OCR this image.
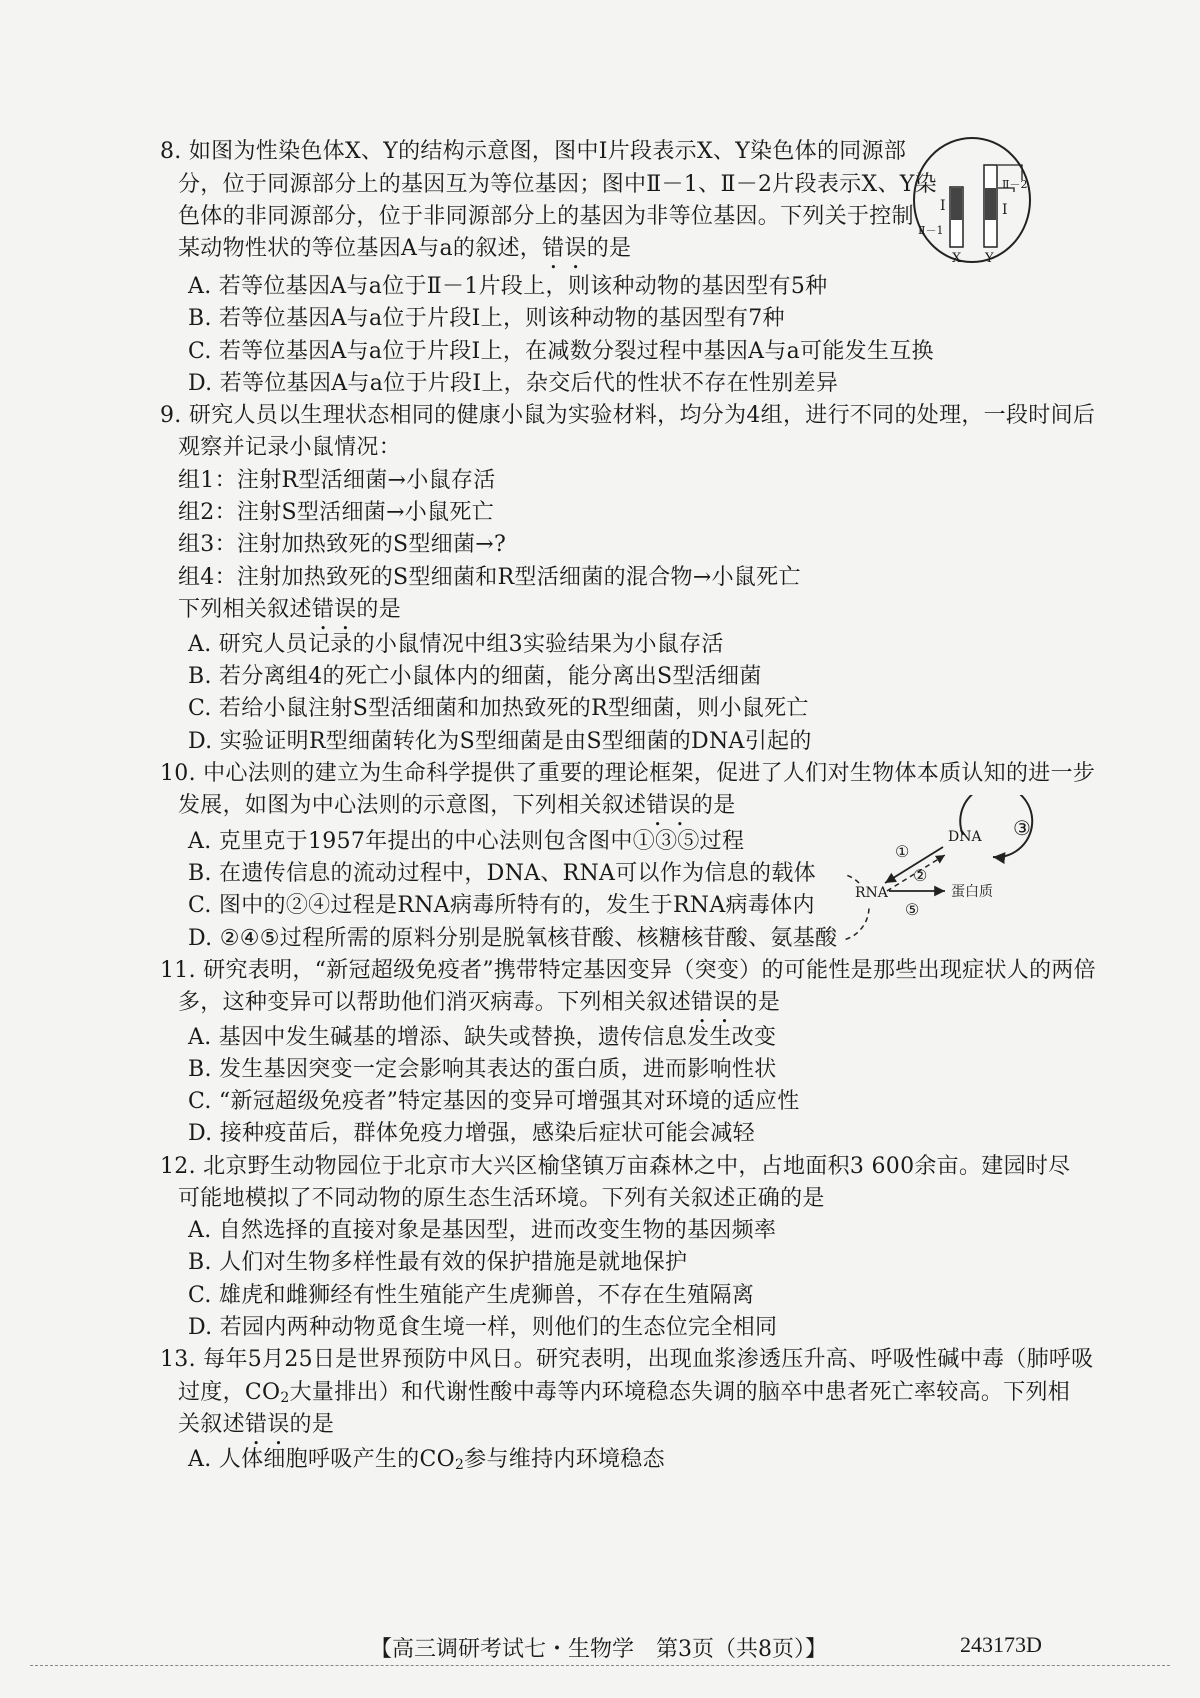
8. 如图为性染色体X、Y的结构示意图，图中Ⅰ片段表示X、Y染色体的同源部
分，位于同源部分上的基因互为等位基因；图中Ⅱ－1、Ⅱ－2片段表示X、Y染
色体的非同源部分，位于非同源部分上的基因为非等位基因。下列关于控制
某动物性状的等位基因A与a的叙述，错误的是
A. 若等位基因A与a位于Ⅱ－1片段上，则该种动物的基因型有5种
B. 若等位基因A与a位于片段Ⅰ上，则该种动物的基因型有7种
C. 若等位基因A与a位于片段Ⅰ上，在减数分裂过程中基因A与a可能发生互换
D. 若等位基因A与a位于片段Ⅰ上，杂交后代的性状不存在性别差异
Ⅰ	Ⅰ
Ⅱ－2
Ⅱ－1
X Y
9. 研究人员以生理状态相同的健康小鼠为实验材料，均分为4组，进行不同的处理，一段时间后
观察并记录小鼠情况：
组1：注射R型活细菌→小鼠存活
组2：注射S型活细菌→小鼠死亡
组3：注射加热致死的S型细菌→?
组4：注射加热致死的S型细菌和R型活细菌的混合物→小鼠死亡
下列相关叙述错误的是
A. 研究人员记录的小鼠情况中组3实验结果为小鼠存活
B. 若分离组4的死亡小鼠体内的细菌，能分离出S型活细菌
C. 若给小鼠注射S型活细菌和加热致死的R型细菌，则小鼠死亡
D. 实验证明R型细菌转化为S型细菌是由S型细菌的DNA引起的
10. 中心法则的建立为生命科学提供了重要的理论框架，促进了人们对生物体本质认知的进一步
发展，如图为中心法则的示意图，下列相关叙述错误的是
A. 克里克于1957年提出的中心法则包含图中①③⑤过程
B. 在遗传信息的流动过程中，DNA、RNA可以作为信息的载体
C. 图中的②④过程是RNA病毒所特有的，发生于RNA病毒体内
D. ②④⑤过程所需的原料分别是脱氧核苷酸、核糖核苷酸、氨基酸
DNA ③
①
②
RNA	蛋白质
⑤
11. 研究表明，“新冠超级免疫者”携带特定基因变异（突变）的可能性是那些出现症状人的两倍
多，这种变异可以帮助他们消灭病毒。下列相关叙述错误的是
A. 基因中发生碱基的增添、缺失或替换，遗传信息发生改变
B. 发生基因突变一定会影响其表达的蛋白质，进而影响性状
C. “新冠超级免疫者”特定基因的变异可增强其对环境的适应性
D. 接种疫苗后，群体免疫力增强，感染后症状可能会减轻
12. 北京野生动物园位于北京市大兴区榆垡镇万亩森林之中，占地面积3 600余亩。建园时尽
可能地模拟了不同动物的原生态生活环境。下列有关叙述正确的是
A. 自然选择的直接对象是基因型，进而改变生物的基因频率
B. 人们对生物多样性最有效的保护措施是就地保护
C. 雄虎和雌狮经有性生殖能产生虎狮兽，不存在生殖隔离
D. 若园内两种动物觅食生境一样，则他们的生态位完全相同
13. 每年5月25日是世界预防中风日。研究表明，出现血浆渗透压升高、呼吸性碱中毒（肺呼吸
过度，$CO_2$大量排出）和代谢性酸中毒等内环境稳态失调的脑卒中患者死亡率较高。下列相
关叙述错误的是
A. 人体细胞呼吸产生的$CO_2$参与维持内环境稳态
【高三调研考试七・生物学　第3页（共8页）】	243173D
